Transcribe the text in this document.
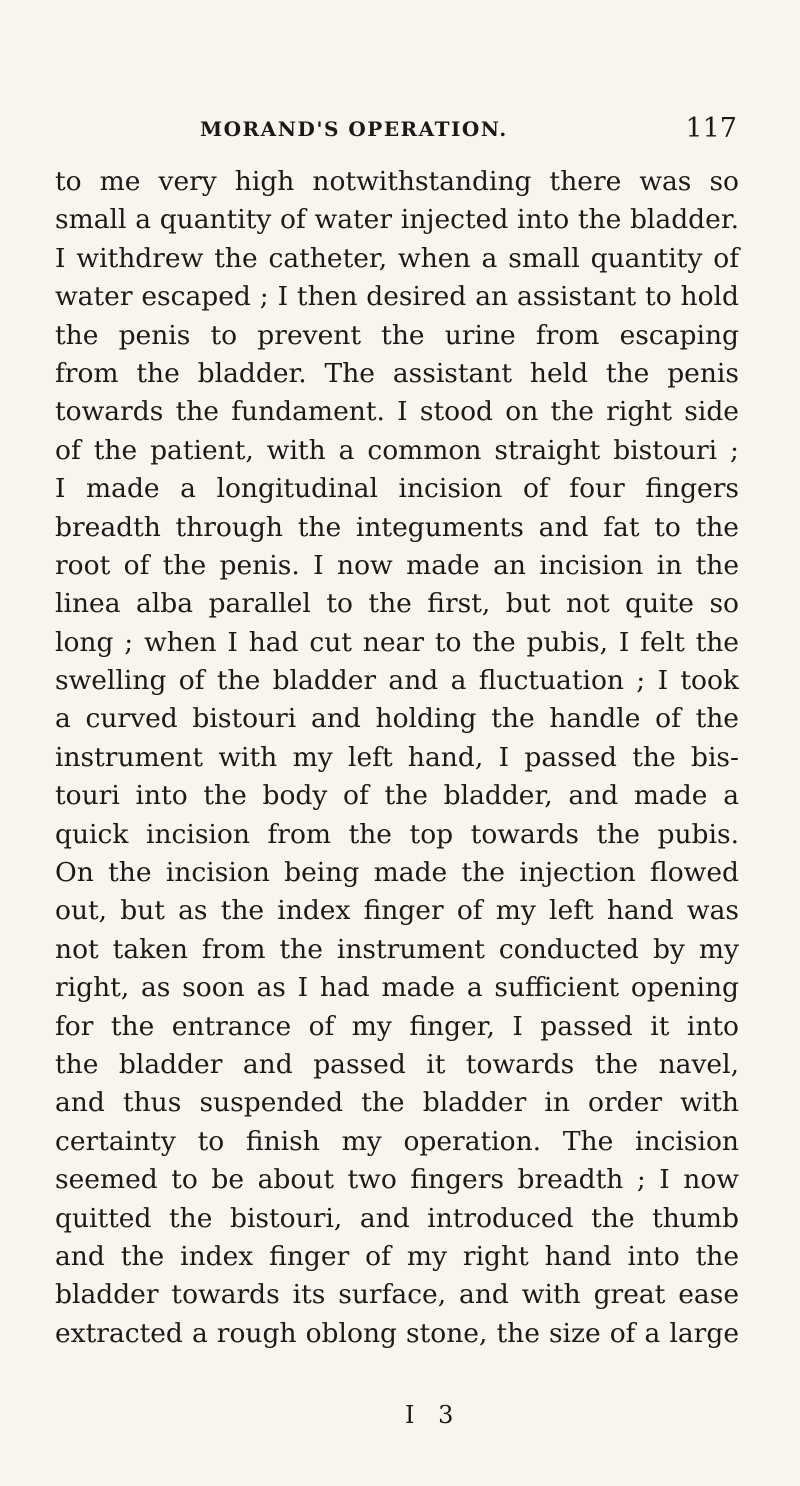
MORAND'S OPERATION.	117
to me very high notwithstanding there was so
small a quantity of water injected into the bladder.
I withdrew the catheter, when a small quantity of
water escaped ; I then desired an assistant to hold
the penis to prevent the urine from escaping
from the bladder. The assistant held the penis
towards the fundament. I stood on the right side
of the patient, with a common straight bistouri ;
I made a longitudinal incision of four fingers
breadth through the integuments and fat to the
root of the penis. I now made an incision in the
linea alba parallel to the first, but not quite so
long ; when I had cut near to the pubis, I felt the
swelling of the bladder and a fluctuation ; I took
a curved bistouri and holding the handle of the
instrument with my left hand, I passed the bis-
touri into the body of the bladder, and made a
quick incision from the top towards the pubis.
On the incision being made the injection flowed
out, but as the index finger of my left hand was
not taken from the instrument conducted by my
right, as soon as I had made a sufficient opening
for the entrance of my finger, I passed it into
the bladder and passed it towards the navel,
and thus suspended the bladder in order with
certainty to finish my operation. The incision
seemed to be about two fingers breadth ; I now
quitted the bistouri, and introduced the thumb
and the index finger of my right hand into the
bladder towards its surface, and with great ease
extracted a rough oblong stone, the size of a large
I 3
